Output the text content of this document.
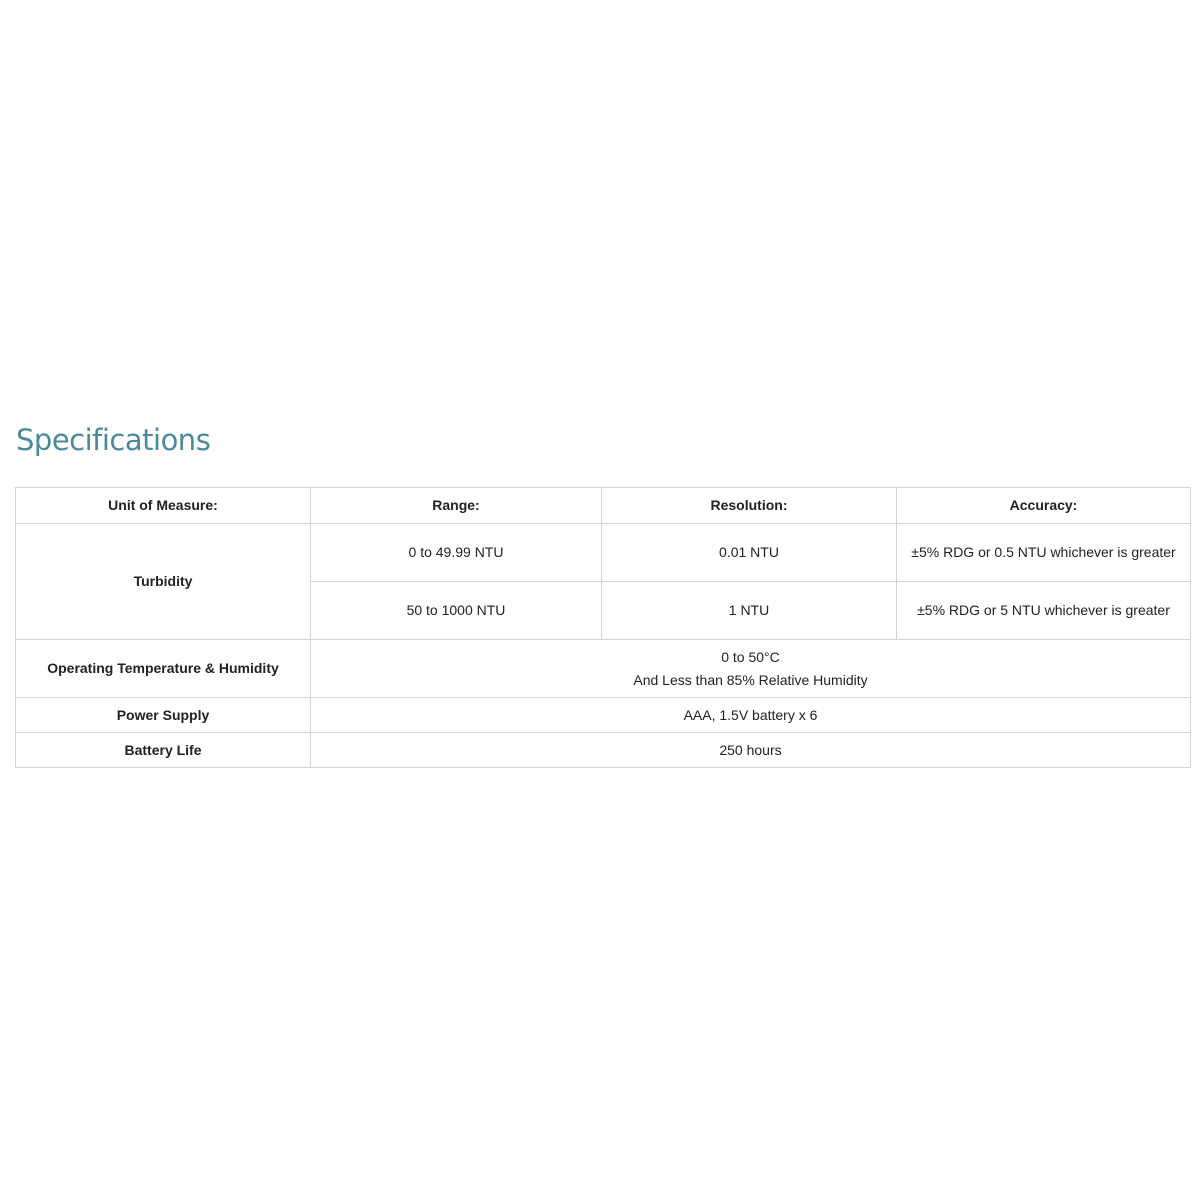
Specifications
Unit of Measure:	Range:	Resolution:	Accuracy:
Turbidity	0 to 49.99 NTU	0.01 NTU	±5% RDG or 0.5 NTU whichever is greater
	50 to 1000 NTU	1 NTU	±5% RDG or 5 NTU whichever is greater
Operating Temperature & Humidity	0 to 50°C
And Less than 85% Relative Humidity		

Power Supply	AAA, 1.5V battery x 6		
Battery Life	250 hours		
